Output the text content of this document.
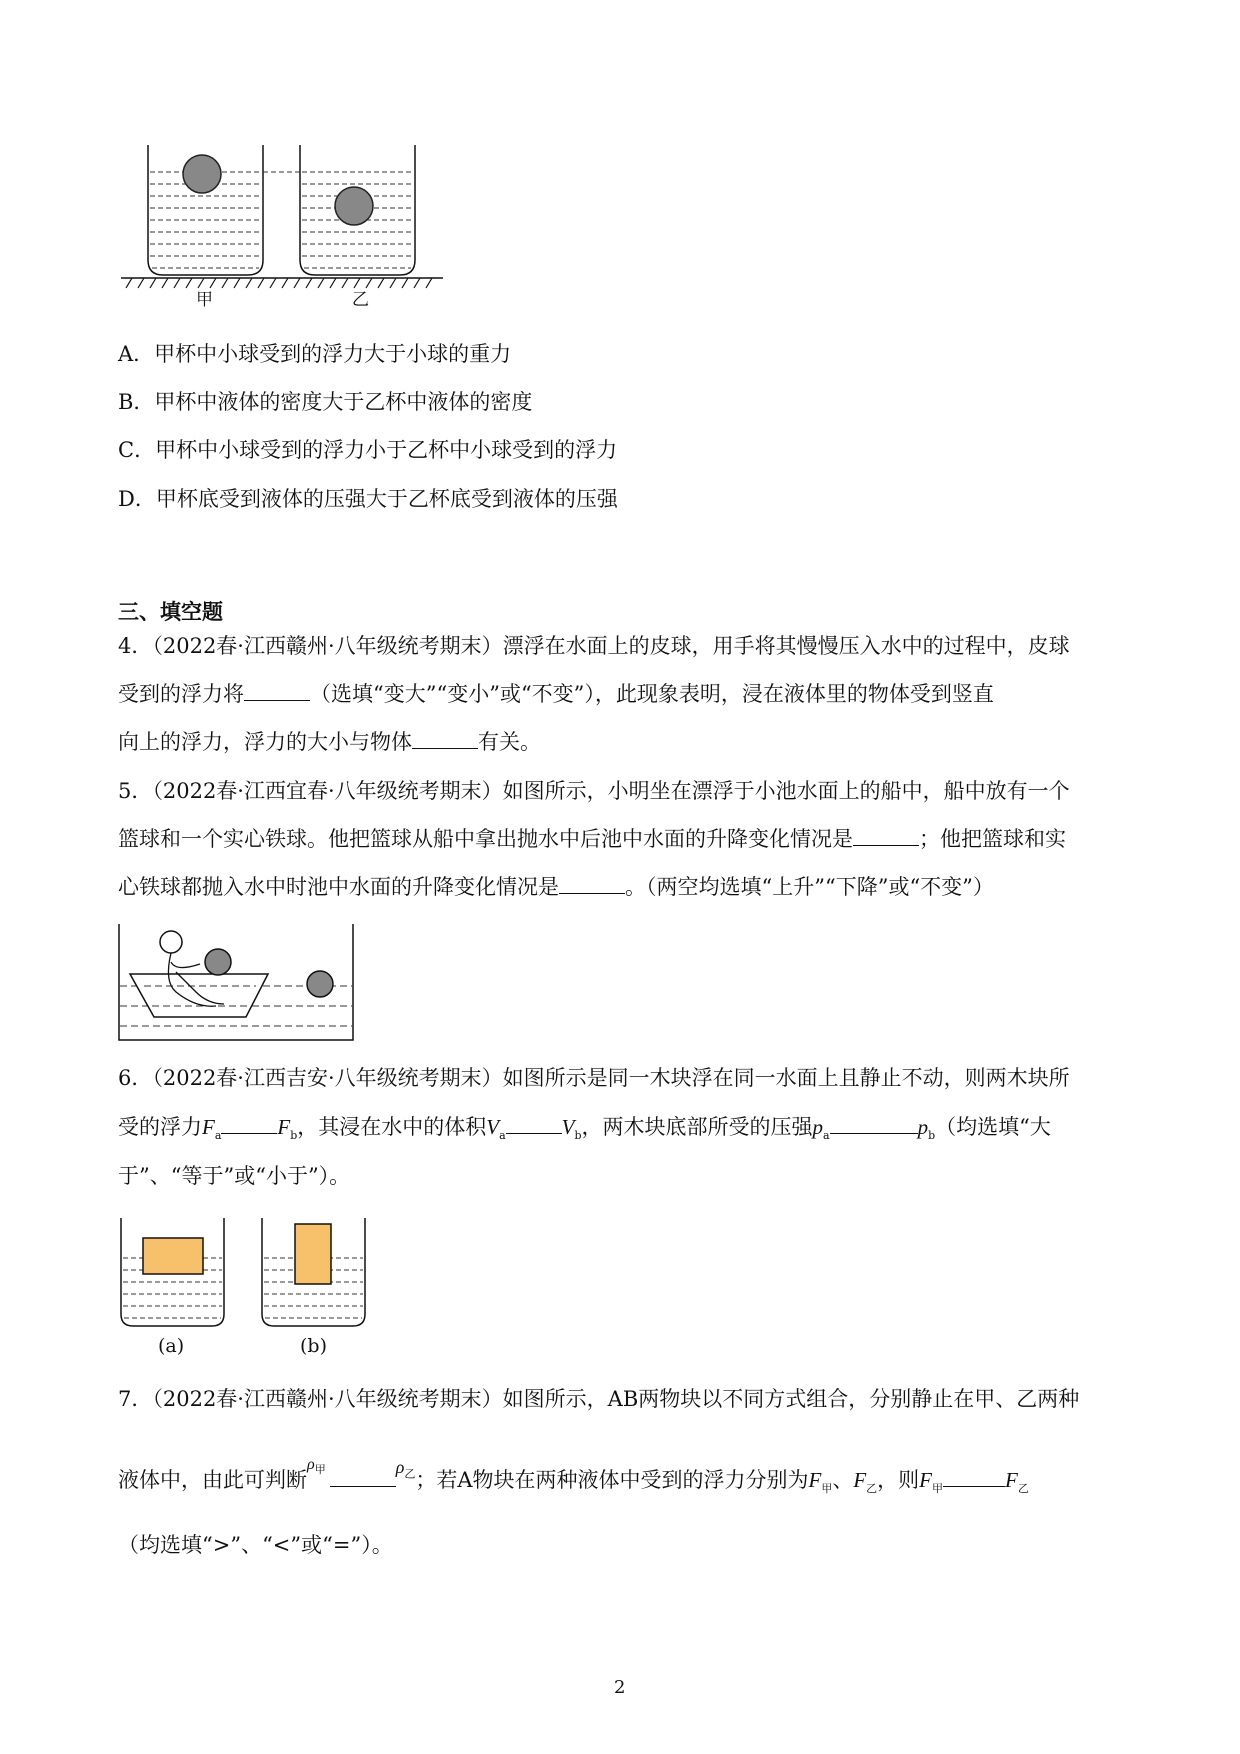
甲	乙
A．甲杯中小球受到的浮力大于小球的重力
B．甲杯中液体的密度大于乙杯中液体的密度
C．甲杯中小球受到的浮力小于乙杯中小球受到的浮力
D．甲杯底受到液体的压强大于乙杯底受到液体的压强
三、填空题
4．（2022春·江西赣州·八年级统考期末）漂浮在水面上的皮球，用手将其慢慢压入水中的过程中，皮球
受到的浮力将	（选填“变大”“变小”或“不变”），此现象表明，浸在液体里的物体受到竖直
向上的浮力，浮力的大小与物体	有关。
5．（2022春·江西宜春·八年级统考期末）如图所示，小明坐在漂浮于小池水面上的船中，船中放有一个
篮球和一个实心铁球。他把篮球从船中拿出抛水中后池中水面的升降变化情况是	；他把篮球和实
心铁球都抛入水中时池中水面的升降变化情况是	。（两空均选填“上升”“下降”或“不变”）
6．（2022春·江西吉安·八年级统考期末）如图所示是同一木块浮在同一水面上且静止不动，则两木块所
受的浮力$F_a$	$F_b$，其浸在水中的体积$V_a$	$V_b$，两木块底部所受的压强$p_a$	$p_b$（均选填“大
于”、“等于”或“小于”）。
(a)	(b)
7．（2022春·江西赣州·八年级统考期末）如图所示，AB两物块以不同方式组合，分别静止在甲、乙两种
液体中，由此可判断$^{\rho_甲}$	$\rho_乙$；若A物块在两种液体中受到的浮力分别为$F_甲$、$F_乙$，则$F_甲$	$F_乙$
（均选填“>”、“<”或“=”）。
2
